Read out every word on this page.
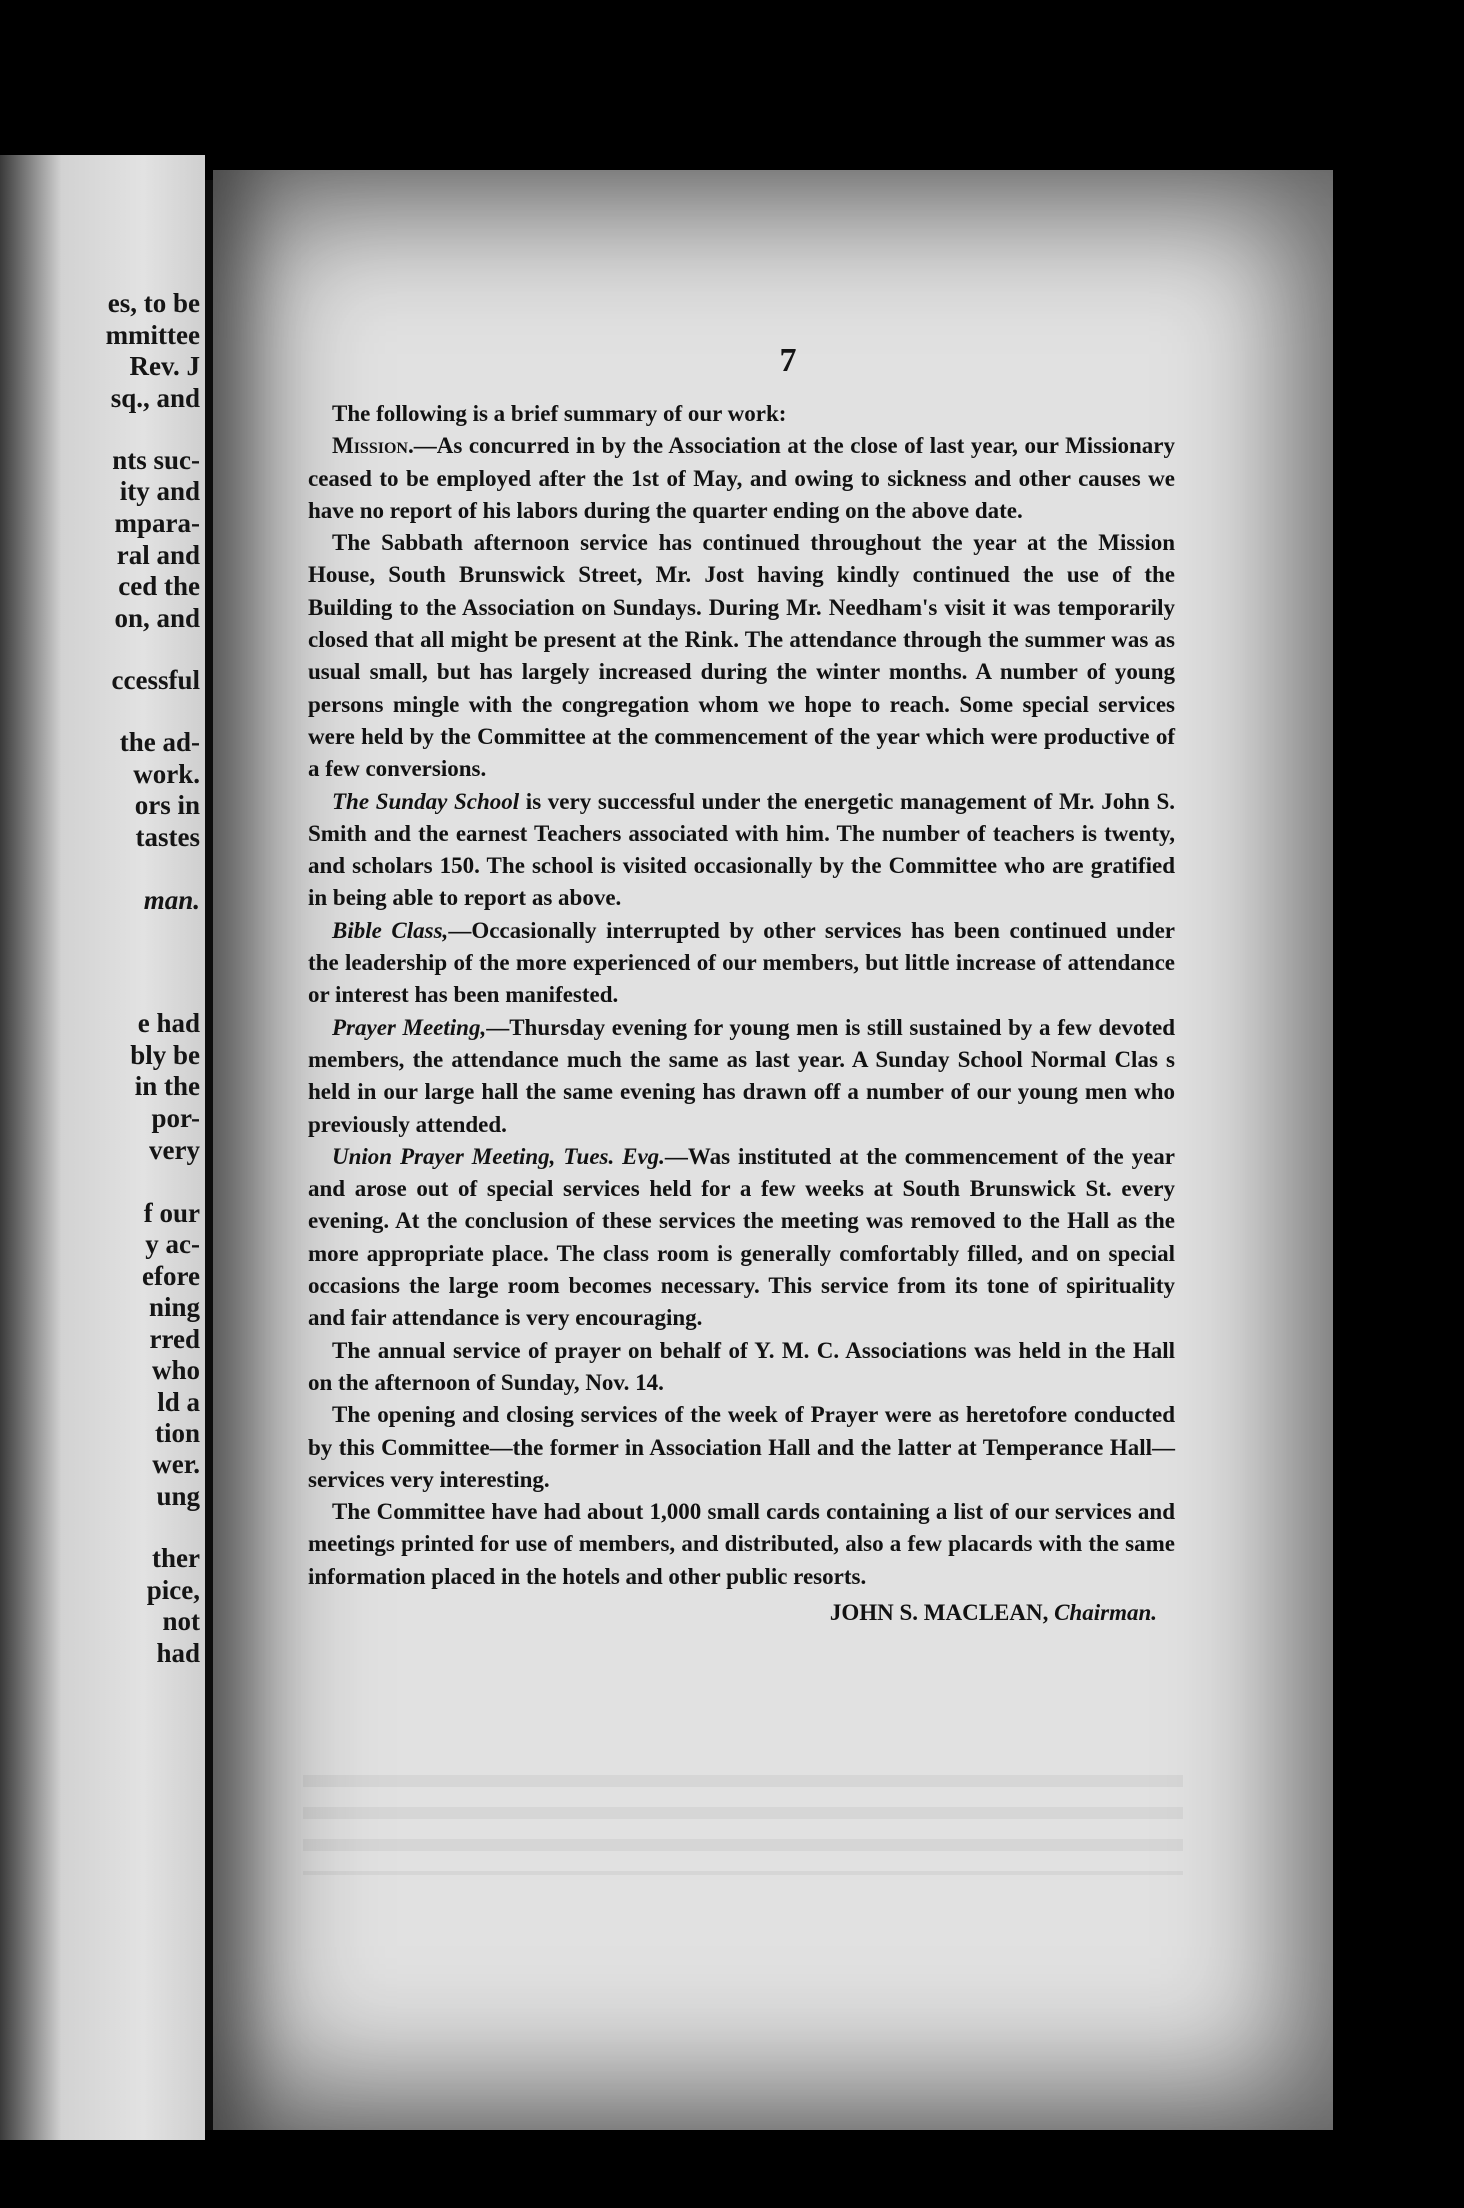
es, to be
mmittee
Rev. J
sq., and
nts suc-
ity and
mpara-
ral and
ced the
on, and
ccessful
the ad-
work.
ors in
tastes
man.
e had
bly be
in the
por-
very
f our
y ac-
efore
ning
rred
who
ld a
tion
wer.
ung
ther
pice,
not
had
7

The following is a brief summary of our work:

Mission.—As concurred in by the Association at the close of last year, our Missionary ceased to be employed after the 1st of May, and owing to sickness and other causes we have no report of his labors during the quarter ending on the above date.

The Sabbath afternoon service has continued throughout the year at the Mission House, South Brunswick Street, Mr. Jost having kindly continued the use of the Building to the Association on Sundays. During Mr. Needham's visit it was temporarily closed that all might be present at the Rink. The attendance through the summer was as usual small, but has largely increased during the winter months. A number of young persons mingle with the congregation whom we hope to reach. Some special services were held by the Committee at the commencement of the year which were productive of a few conversions.

The Sunday School is very successful under the energetic management of Mr. John S. Smith and the earnest Teachers associated with him. The number of teachers is twenty, and scholars 150. The school is visited occasionally by the Committee who are gratified in being able to report as above.

Bible Class,—Occasionally interrupted by other services has been continued under the leadership of the more experienced of our members, but little increase of attendance or interest has been manifested.

Prayer Meeting,—Thursday evening for young men is still sustained by a few devoted members, the attendance much the same as last year. A Sunday School Normal Clas s held in our large hall the same evening has drawn off a number of our young men who previously attended.

Union Prayer Meeting, Tues. Evg.—Was instituted at the commencement of the year and arose out of special services held for a few weeks at South Brunswick St. every evening. At the conclusion of these services the meeting was removed to the Hall as the more appropriate place. The class room is generally comfortably filled, and on special occasions the large room becomes necessary. This service from its tone of spirituality and fair attendance is very encouraging.

The annual service of prayer on behalf of Y. M. C. Associations was held in the Hall on the afternoon of Sunday, Nov. 14.

The opening and closing services of the week of Prayer were as heretofore conducted by this Committee—the former in Association Hall and the latter at Temperance Hall—services very interesting.

The Committee have had about 1,000 small cards containing a list of our services and meetings printed for use of members, and distributed, also a few placards with the same information placed in the hotels and other public resorts.

JOHN S. MACLEAN, Chairman.
